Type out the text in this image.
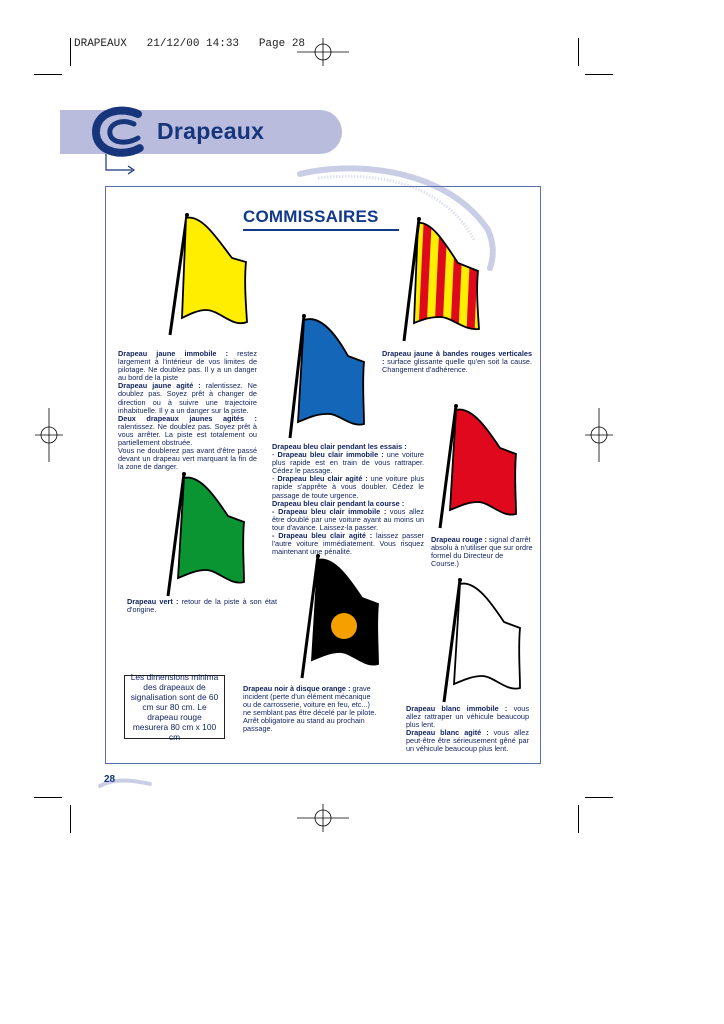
DRAPEAUX   21/12/00 14:33   Page 28
Drapeaux
COMMISSAIRES
Drapeau jaune immobile : restez largement à l'intérieur de vos limites de pilotage. Ne doublez pas. Il y a un danger au bord de la piste
Drapeau jaune agité : ralentissez. Ne doublez pas. Soyez prêt à changer de direction ou à suivre une trajectoire inhabituelle. Il y a un danger sur la piste.
Deux drapeaux jaunes agités : ralentissez. Ne doublez pas. Soyez prêt à vous arrêter. La piste est totalement ou partiellement obstruée.
Vous ne doublerez pas avant d'être passé devant un drapeau vert marquant la fin de la zone de danger.
Drapeau jaune à bandes rouges verticales : surface glissante quelle qu'en soit la cause. Changement d'adhérence.
Drapeau bleu clair pendant les essais :
- Drapeau bleu clair immobile : une voiture plus rapide est en train de vous rattraper. Cédez le passage.
- Drapeau bleu clair agité : une voiture plus rapide s'apprête à vous doubler. Cédez le passage de toute urgence.
Drapeau bleu clair pendant la course :
- Drapeau bleu clair immobile : vous allez être doublé par une voiture ayant au moins un tour d'avance. Laissez-la passer.
- Drapeau bleu clair agité : laissez passer l'autre voiture immédiatement. Vous risquez maintenant une pénalité.
Drapeau rouge : signal d'arrêt absolu à n'utiliser que sur ordre formel du Directeur de Course.)
Drapeau vert : retour de la piste à son état d'origine.
Drapeau noir à disque orange : grave incident (perte d'un élément mécanique ou de carrosserie, voiture en feu, etc...) ne semblant pas être décelé par le pilote. Arrêt obligatoire au stand au prochain passage.
Drapeau blanc immobile : vous allez rattraper un véhicule beaucoup plus lent.
Drapeau blanc agité : vous allez peut-être être sérieusement gêné par un véhicule beaucoup plus lent.
Les dimensions minima des drapeaux de signalisation sont de 60 cm sur 80 cm. Le drapeau rouge mesurera 80 cm x 100 cm
28
